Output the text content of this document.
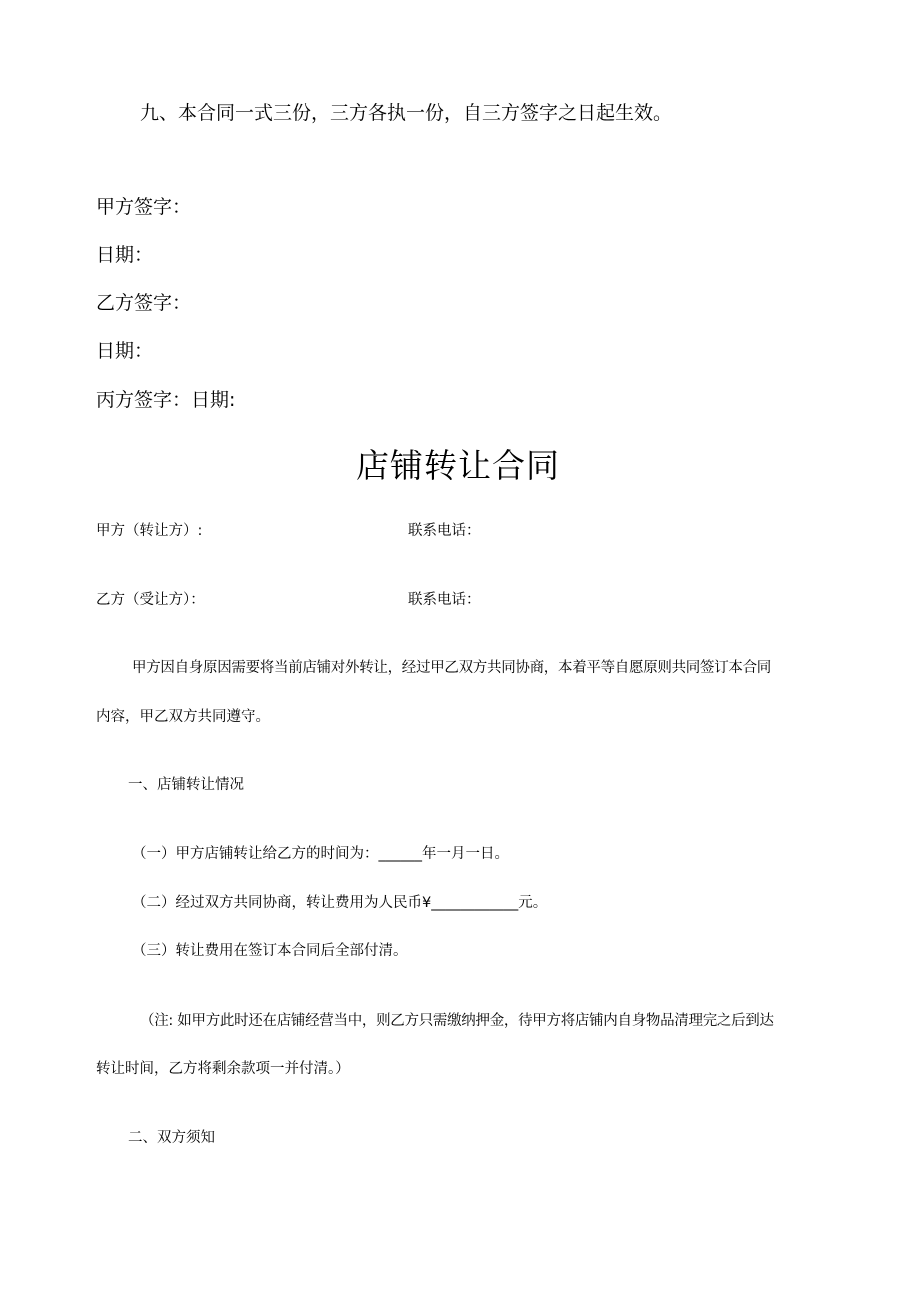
九、本合同一式三份，三方各执一份，自三方签字之日起生效。
甲方签字：
日期：
乙方签字：
日期：
丙方签字：日期:
店铺转让合同
甲方（转让方）:	联系电话：
乙方（受让方）：	联系电话：
甲方因自身原因需要将当前店铺对外转让，经过甲乙双方共同协商，本着平等自愿原则共同签订本合同
内容，甲乙双方共同遵守。
一、店铺转让情况
（一）甲方店铺转让给乙方的时间为：______年一月一日。
（二）经过双方共同协商，转让费用为人民币¥____________元。
（三）转让费用在签订本合同后全部付清。
（注: 如甲方此时还在店铺经营当中，则乙方只需缴纳押金，待甲方将店铺内自身物品清理完之后到达
转让时间，乙方将剩余款项一并付清。）
二、双方须知
